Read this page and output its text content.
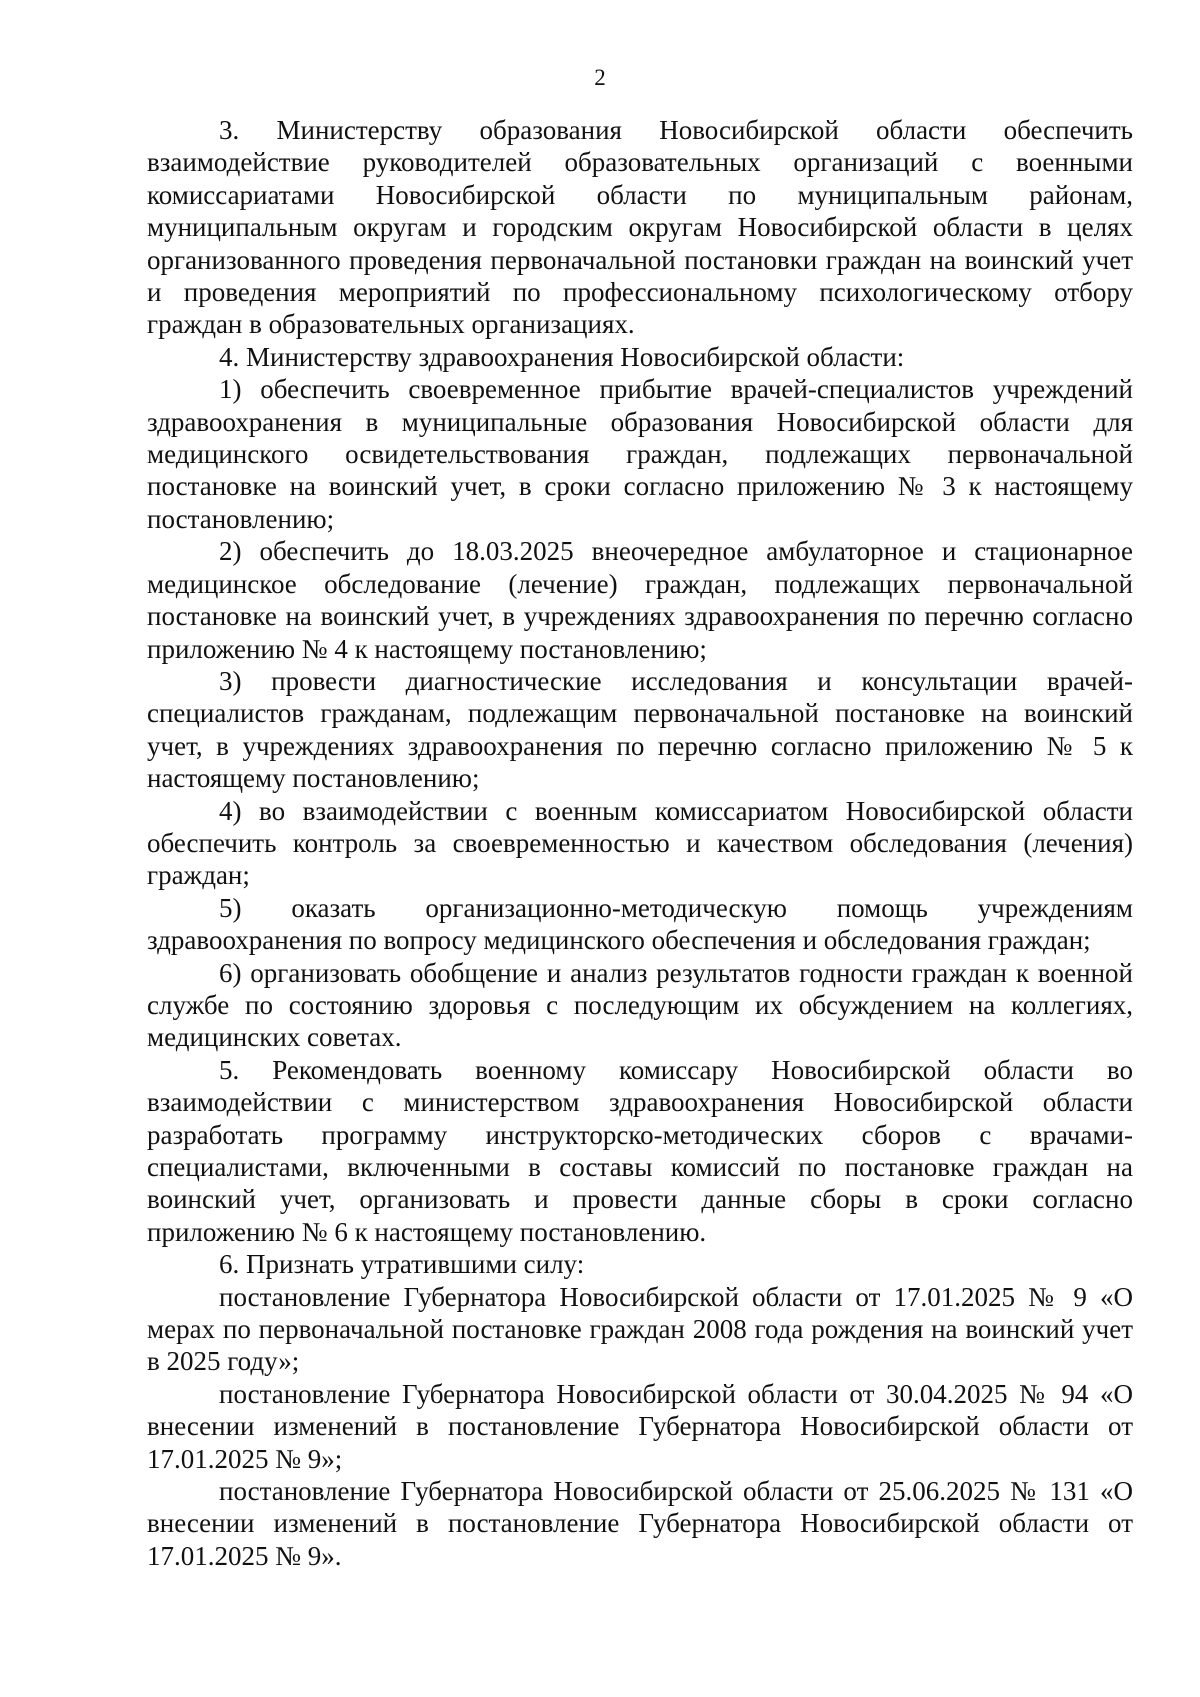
2

3. Министерству образования Новосибирской области обеспечить взаимодействие руководителей образовательных организаций с военными комиссариатами Новосибирской области по муниципальным районам, муниципальным округам и городским округам Новосибирской области в целях организованного проведения первоначальной постановки граждан на воинский учет и проведения мероприятий по профессиональному психологическому отбору граждан в образовательных организациях.

4. Министерству здравоохранения Новосибирской области:

1) обеспечить своевременное прибытие врачей-специалистов учреждений здравоохранения в муниципальные образования Новосибирской области для медицинского освидетельствования граждан, подлежащих первоначальной постановке на воинский учет, в сроки согласно приложению № 3 к настоящему постановлению;

2) обеспечить до 18.03.2025 внеочередное амбулаторное и стационарное медицинское обследование (лечение) граждан, подлежащих первоначальной постановке на воинский учет, в учреждениях здравоохранения по перечню согласно приложению № 4 к настоящему постановлению;

3) провести диагностические исследования и консультации врачей-специалистов гражданам, подлежащим первоначальной постановке на воинский учет, в учреждениях здравоохранения по перечню согласно приложению № 5 к настоящему постановлению;

4) во взаимодействии с военным комиссариатом Новосибирской области обеспечить контроль за своевременностью и качеством обследования (лечения) граждан;

5) оказать организационно-методическую помощь учреждениям здравоохранения по вопросу медицинского обеспечения и обследования граждан;

6) организовать обобщение и анализ результатов годности граждан к военной службе по состоянию здоровья с последующим их обсуждением на коллегиях, медицинских советах.

5. Рекомендовать военному комиссару Новосибирской области во взаимодействии с министерством здравоохранения Новосибирской области разработать программу инструкторско-методических сборов с врачами-специалистами, включенными в составы комиссий по постановке граждан на воинский учет, организовать и провести данные сборы в сроки согласно приложению № 6 к настоящему постановлению.

6. Признать утратившими силу:

постановление Губернатора Новосибирской области от 17.01.2025 № 9 «О мерах по первоначальной постановке граждан 2008 года рождения на воинский учет в 2025 году»;

постановление Губернатора Новосибирской области от 30.04.2025 № 94 «О внесении изменений в постановление Губернатора Новосибирской области от 17.01.2025 № 9»;

постановление Губернатора Новосибирской области от 25.06.2025 № 131 «О внесении изменений в постановление Губернатора Новосибирской области от 17.01.2025 № 9».
